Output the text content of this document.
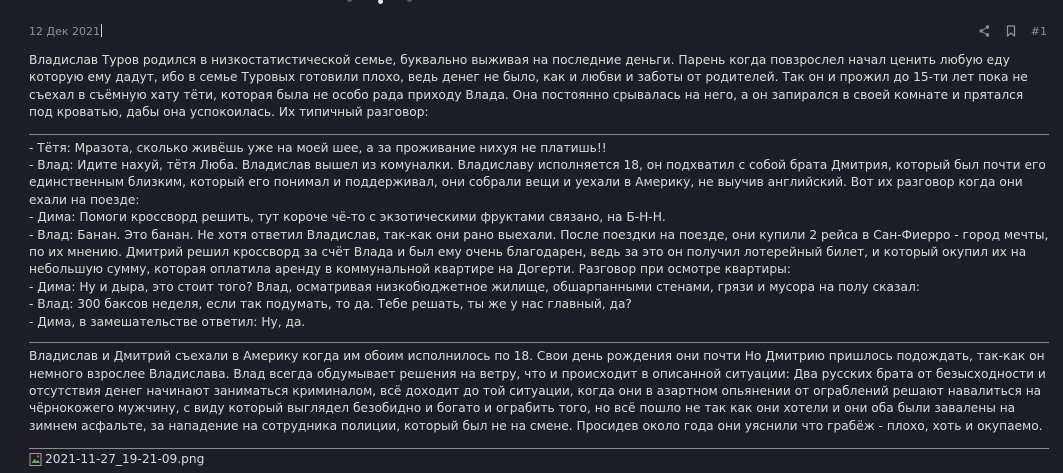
12 Дек 2021	#1

Владислав Туров родился в низкостатистической семье, буквально выживая на последние деньги. Парень когда повзрослел начал ценить любую еду которую ему дадут, ибо в семье Туровых готовили плохо, ведь денег не было, как и любви и заботы от родителей. Так он и прожил до 15-ти лет пока не съехал в съёмную хату тёти, которая была не особо рада приходу Влада. Она постоянно срывалась на него, а он запирался в своей комнате и прятался под кроватью, дабы она успокоилась. Их типичный разговор:

- Тётя: Мразота, сколько живёшь уже на моей шее, а за проживание нихуя не платишь!!
- Влад: Идите нахуй, тётя Люба. Владислав вышел из комуналки. Владиславу исполняется 18, он подхватил с собой брата Дмитрия, который был почти его единственным близким, который его понимал и поддерживал, они собрали вещи и уехали в Америку, не выучив английский. Вот их разговор когда они ехали на поезде:
- Дима: Помоги кроссворд решить, тут короче чё-то с экзотическими фруктами связано, на Б-Н-Н.
- Влад: Банан. Это банан. Не хотя ответил Владислав, так-как они рано выехали. После поездки на поезде, они купили 2 рейса в Сан-Фиерро - город мечты, по их мнению. Дмитрий решил кроссворд за счёт Влада и был ему очень благодарен, ведь за это он получил лотерейный билет, и который окупил их на небольшую сумму, которая оплатила аренду в коммунальной квартире на Догерти. Разговор при осмотре квартиры:
- Дима: Ну и дыра, это стоит того? Влад, осматривая низкобюджетное жилище, обшарпанными стенами, грязи и мусора на полу сказал:
- Влад: 300 баксов неделя, если так подумать, то да. Тебе решать, ты же у нас главный, да?
- Дима, в замешательстве ответил: Ну, да.

Владислав и Дмитрий съехали в Америку когда им обоим исполнилось по 18. Свои день рождения они почти Но Дмитрию пришлось подождать, так-как он немного взрослее Владислава. Влад всегда обдумывает решения на ветру, что и происходит в описанной ситуации: Два русских брата от безысходности и отсутствия денег начинают заниматься криминалом, всё доходит до той ситуации, когда они в азартном опьянении от ограблений решают навалиться на чёрнокожего мужчину, с виду который выглядел безобидно и богато и ограбить того, но всё пошло не так как они хотели и они оба были завалены на зимнем асфальте, за нападение на сотрудника полиции, который был не на смене. Просидев около года они уяснили что грабёж - плохо, хоть и окупаемо.

2021-11-27_19-21-09.png
